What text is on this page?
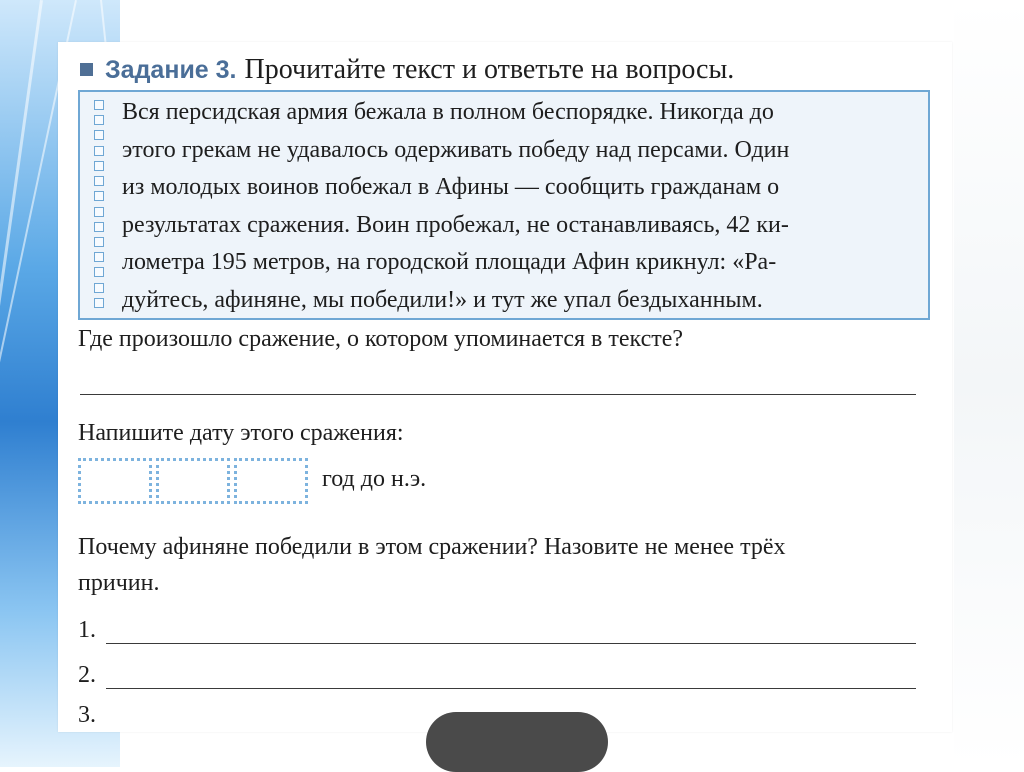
Задание 3. Прочитайте текст и ответьте на вопросы.
Вся персидская армия бежала в полном беспорядке. Никогда до
этого грекам не удавалось одерживать победу над персами. Один
из молодых воинов побежал в Афины — сообщить гражданам о
результатах сражения. Воин пробежал, не останавливаясь, 42 ки-
лометра 195 метров, на городской площади Афин крикнул: «Ра-
дуйтесь, афиняне, мы победили!» и тут же упал бездыханным.
Где произошло сражение, о котором упоминается в тексте?
Напишите дату этого сражения:
год до н.э.
Почему афиняне победили в этом сражении? Назовите не менее трёх
причин.
1.
2.
3.
